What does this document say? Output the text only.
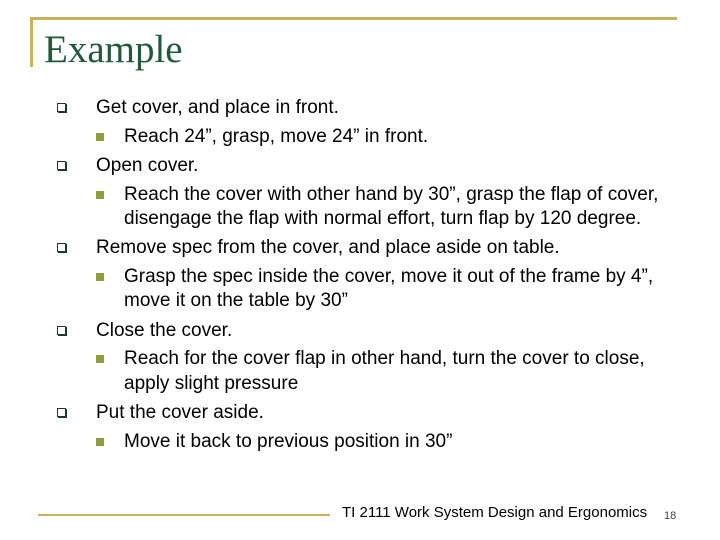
Example
Get cover, and place in front.
Reach 24”, grasp, move 24” in front.
Open cover.
Reach the cover with other hand by 30”, grasp the flap of cover, disengage the flap with normal effort, turn flap by 120 degree.
Remove spec from the cover, and place aside on table.
Grasp the spec inside the cover, move it out of the frame by 4”, move it on the table by 30”
Close the cover.
Reach for the cover flap in other hand, turn the cover to close, apply slight pressure
Put the cover aside.
Move it back to previous position in 30”
TI 2111 Work System Design and Ergonomics 18
